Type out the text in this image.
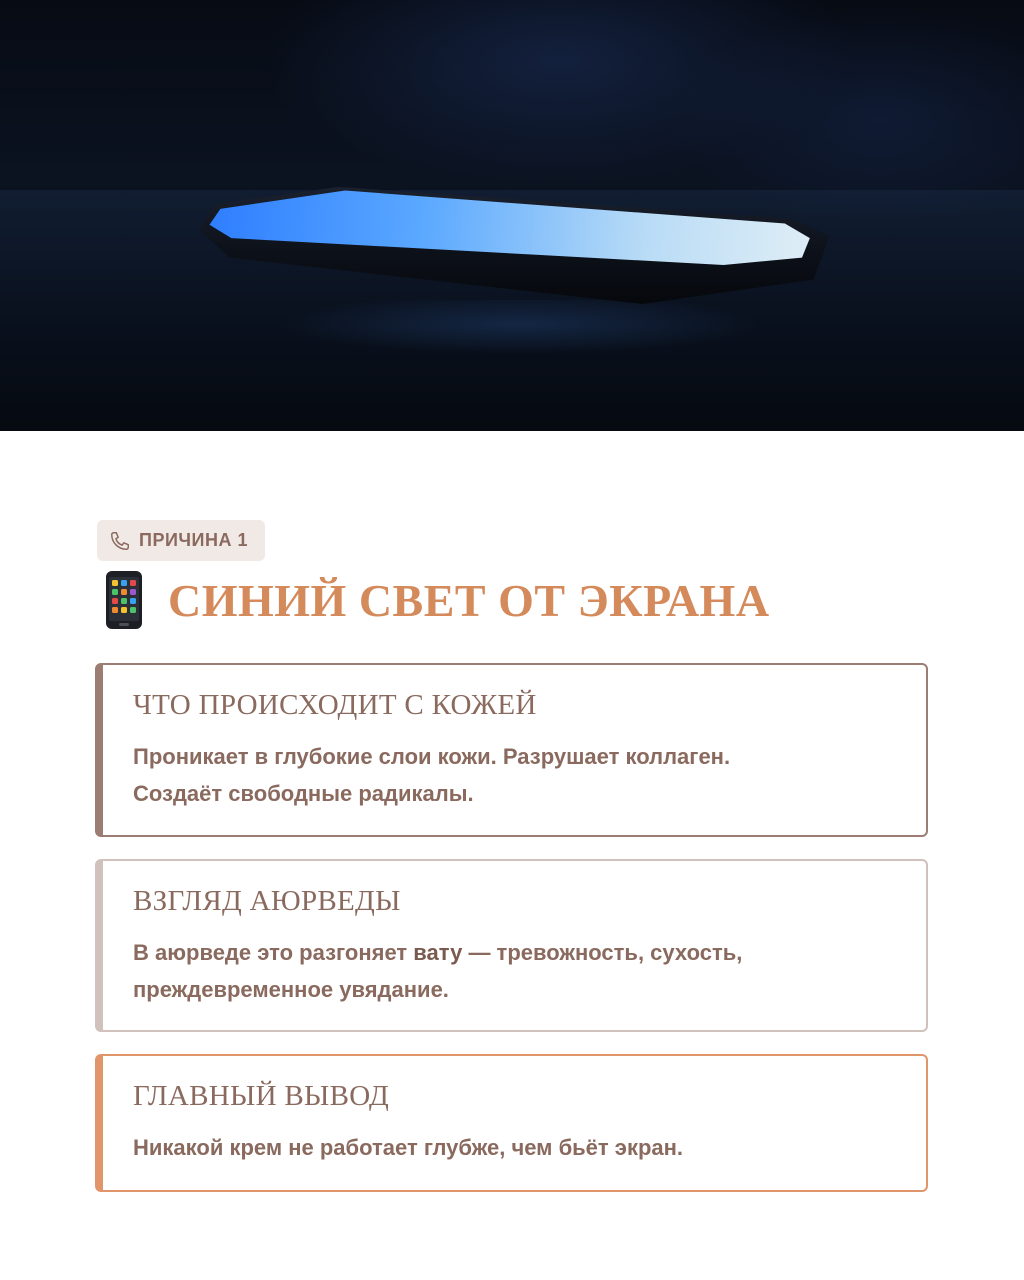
ПРИЧИНА 1
СИНИЙ СВЕТ ОТ ЭКРАНА
ЧТО ПРОИСХОДИТ С КОЖЕЙ
Проникает в глубокие слои кожи. Разрушает коллаген.
Создаёт свободные радикалы.
ВЗГЛЯД АЮРВЕДЫ
В аюрведе это разгоняет вату — тревожность, сухость,
преждевременное увядание.
ГЛАВНЫЙ ВЫВОД
Никакой крем не работает глубже, чем бьёт экран.
